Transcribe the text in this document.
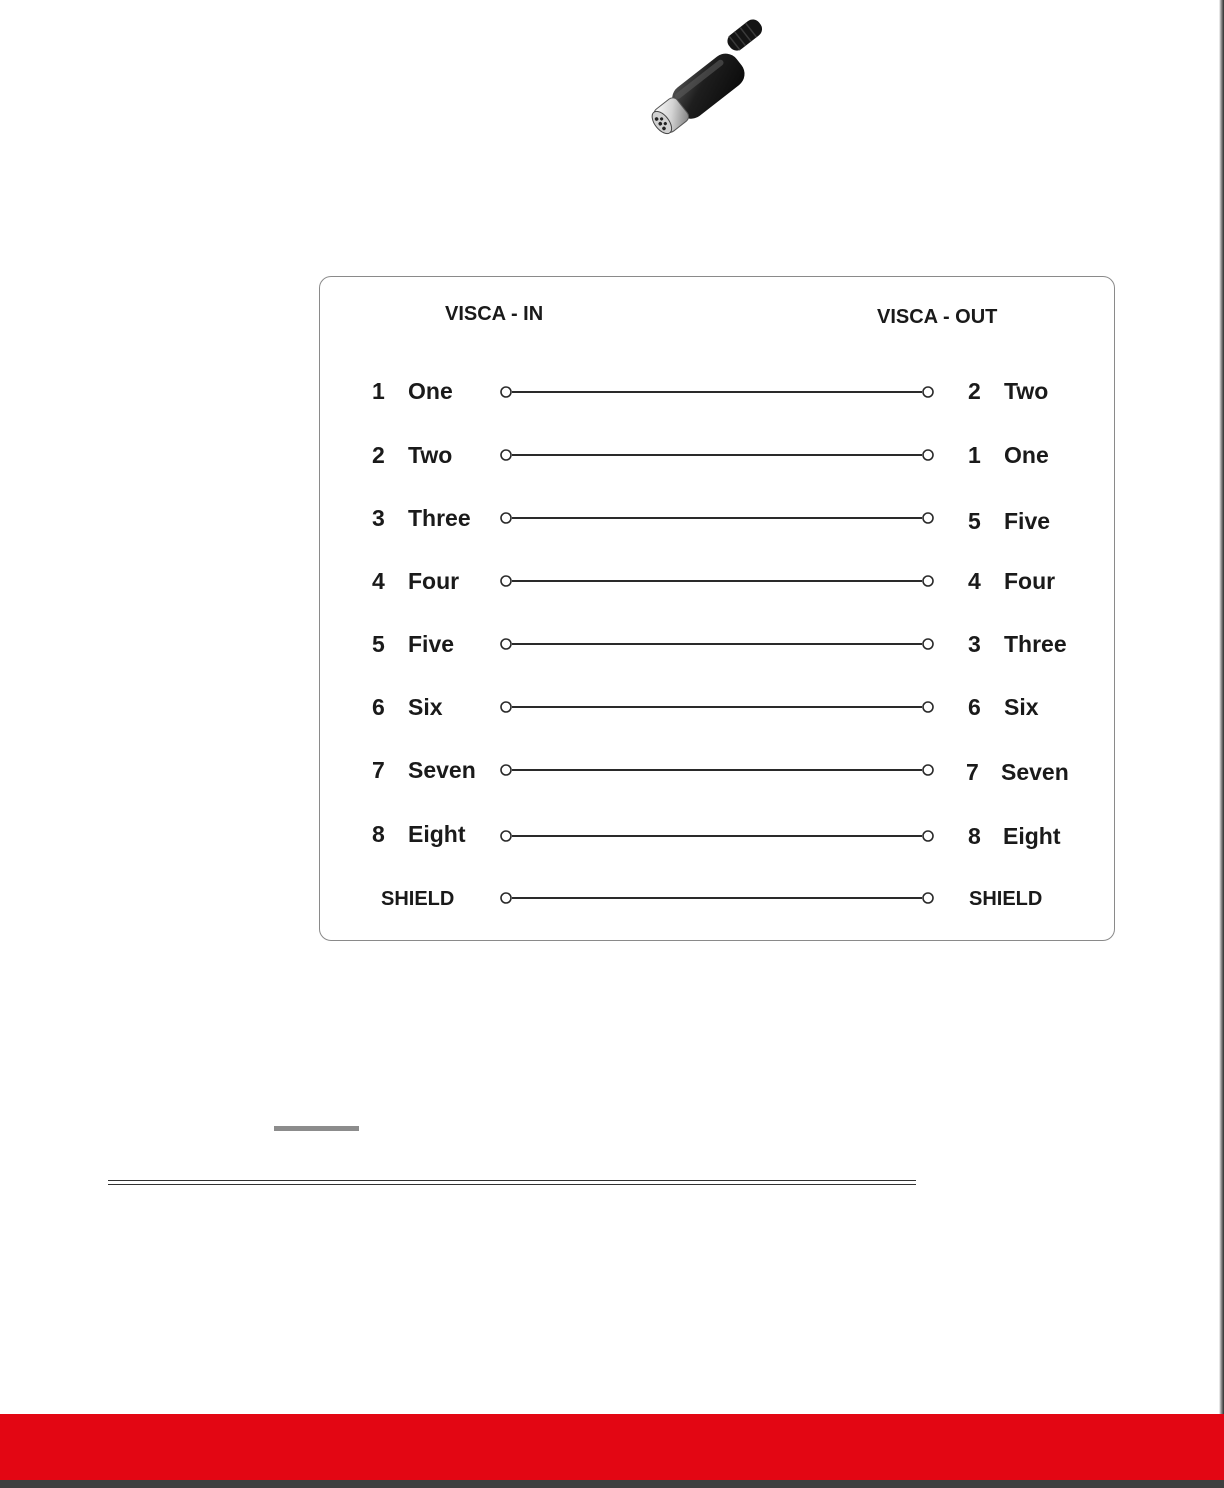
VISCA - IN	VISCA - OUT
1 One	2 Two
2 Two	1 One
3 Three	5 Five
4 Four	4 Four
5 Five	3 Three
6 Six	6 Six
7 Seven	7 Seven
8 Eight	8 Eight
SHIELD	SHIELD
